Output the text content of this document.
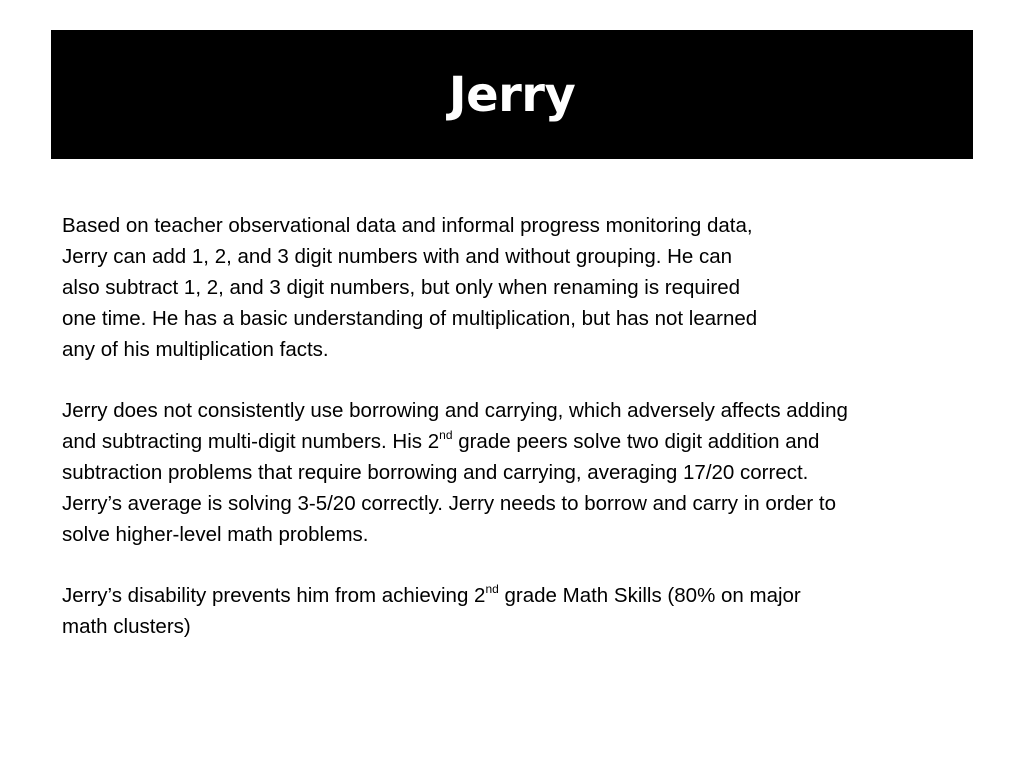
Jerry

Based on teacher observational data and informal progress monitoring data,
Jerry can add 1, 2, and 3 digit numbers with and without grouping. He can
also subtract 1, 2, and 3 digit numbers, but only when renaming is required
one time. He has a basic understanding of multiplication, but has not learned
any of his multiplication facts.

Jerry does not consistently use borrowing and carrying, which adversely affects adding
and subtracting multi-digit numbers. His 2nd grade peers solve two digit addition and
subtraction problems that require borrowing and carrying, averaging 17/20 correct.
Jerry’s average is solving 3-5/20 correctly. Jerry needs to borrow and carry in order to
solve higher-level math problems.

Jerry’s disability prevents him from achieving 2nd grade Math Skills (80% on major
math clusters)
